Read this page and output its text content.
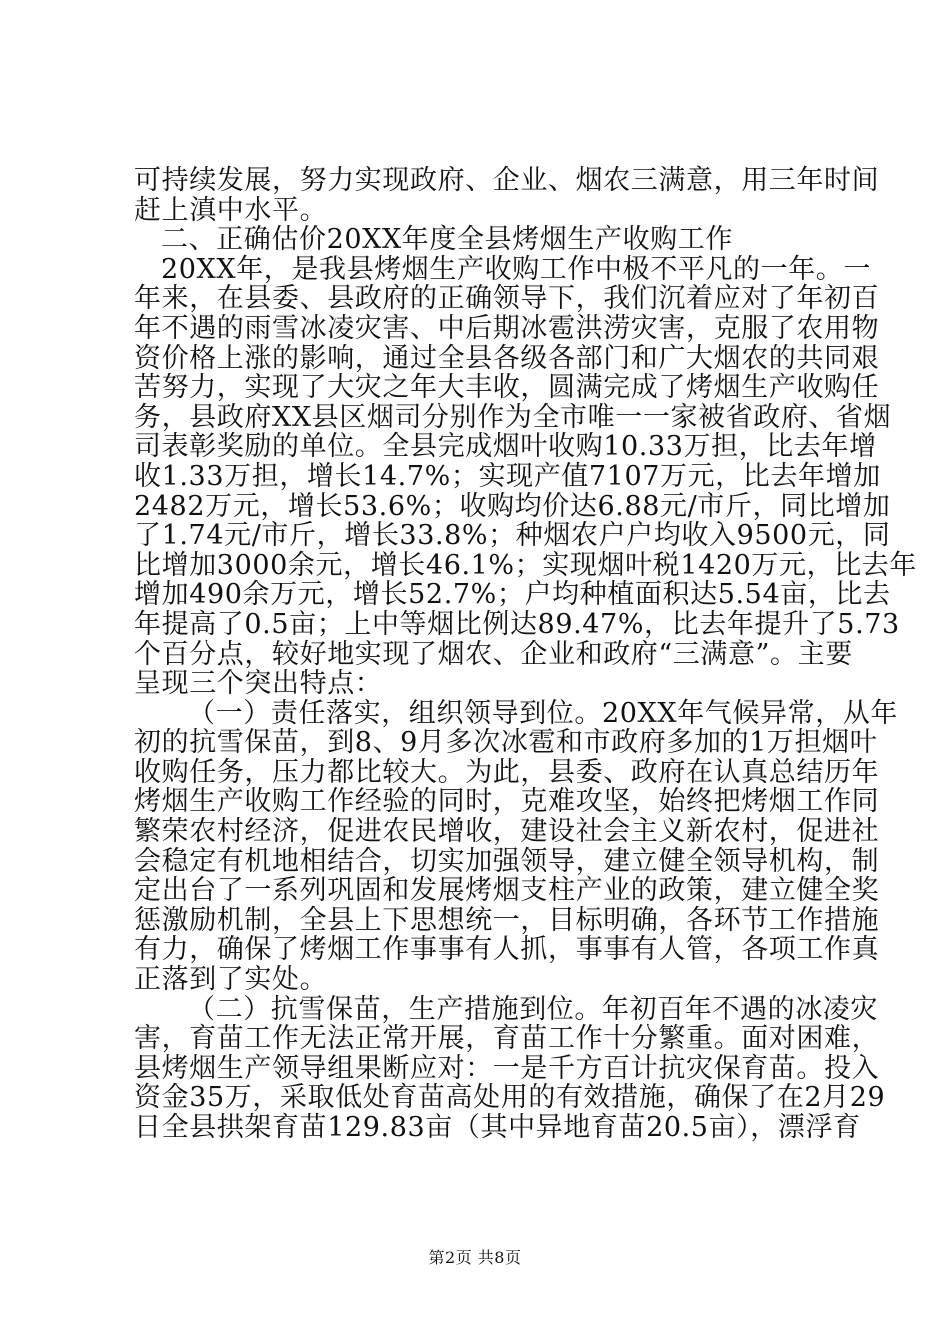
可持续发展，努力实现政府、企业、烟农三满意，用三年时间
赶上滇中水平。
二、正确估价20XX年度全县烤烟生产收购工作
20XX年，是我县烤烟生产收购工作中极不平凡的一年。一
年来，在县委、县政府的正确领导下，我们沉着应对了年初百
年不遇的雨雪冰凌灾害、中后期冰雹洪涝灾害，克服了农用物
资价格上涨的影响，通过全县各级各部门和广大烟农的共同艰
苦努力，实现了大灾之年大丰收，圆满完成了烤烟生产收购任
务，县政府XX县区烟司分别作为全市唯一一家被省政府、省烟
司表彰奖励的单位。全县完成烟叶收购10.33万担，比去年增
收1.33万担，增长14.7%；实现产值7107万元，比去年增加
2482万元，增长53.6%；收购均价达6.88元/市斤，同比增加
了1.74元/市斤，增长33.8%；种烟农户户均收入9500元，同
比增加3000余元，增长46.1%；实现烟叶税1420万元，比去年
增加490余万元，增长52.7%；户均种植面积达5.54亩，比去
年提高了0.5亩；上中等烟比例达89.47%，比去年提升了5.73
个百分点，较好地实现了烟农、企业和政府“三满意”。主要
呈现三个突出特点：
（一）责任落实，组织领导到位。20XX年气候异常，从年
初的抗雪保苗，到8、9月多次冰雹和市政府多加的1万担烟叶
收购任务，压力都比较大。为此，县委、政府在认真总结历年
烤烟生产收购工作经验的同时，克难攻坚，始终把烤烟工作同
繁荣农村经济，促进农民增收，建设社会主义新农村，促进社
会稳定有机地相结合，切实加强领导，建立健全领导机构，制
定出台了一系列巩固和发展烤烟支柱产业的政策，建立健全奖
惩激励机制，全县上下思想统一，目标明确，各环节工作措施
有力，确保了烤烟工作事事有人抓，事事有人管，各项工作真
正落到了实处。
（二）抗雪保苗，生产措施到位。年初百年不遇的冰凌灾
害，育苗工作无法正常开展，育苗工作十分繁重。面对困难，
县烤烟生产领导组果断应对：一是千方百计抗灾保育苗。投入
资金35万，采取低处育苗高处用的有效措施，确保了在2月29
日全县拱架育苗129.83亩（其中异地育苗20.5亩），漂浮育
第2页 共8页
